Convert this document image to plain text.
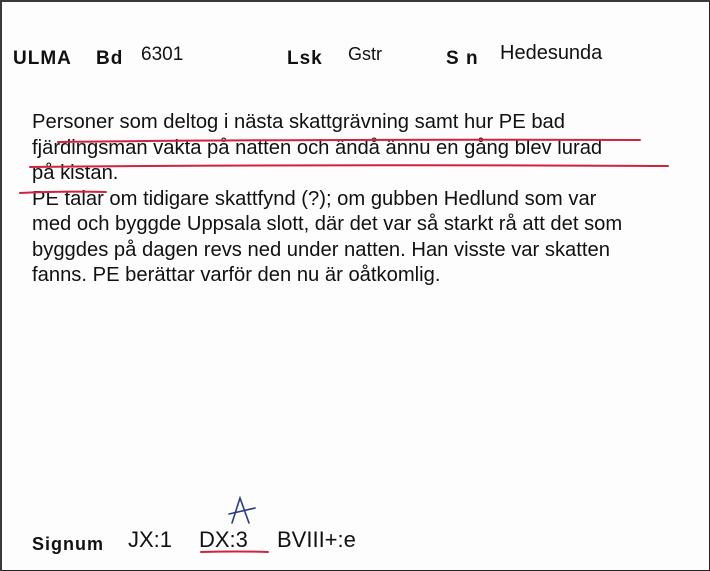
ULMA Bd 6301	Lsk Gstr	S n Hedesunda

Personer som deltog i nästa skattgrävning samt hur PE bad

fjärdingsman vakta på natten och ändå ännu en gång blev lurad

på kistan.

PE talar om tidigare skattfynd (?); om gubben Hedlund som var

med och byggde Uppsala slott, där det var så starkt rå att det som

byggdes på dagen revs ned under natten. Han visste var skatten

fanns. PE berättar varför den nu är oåtkomlig.

Signum JX:1 DX:3 BVIII+:e
